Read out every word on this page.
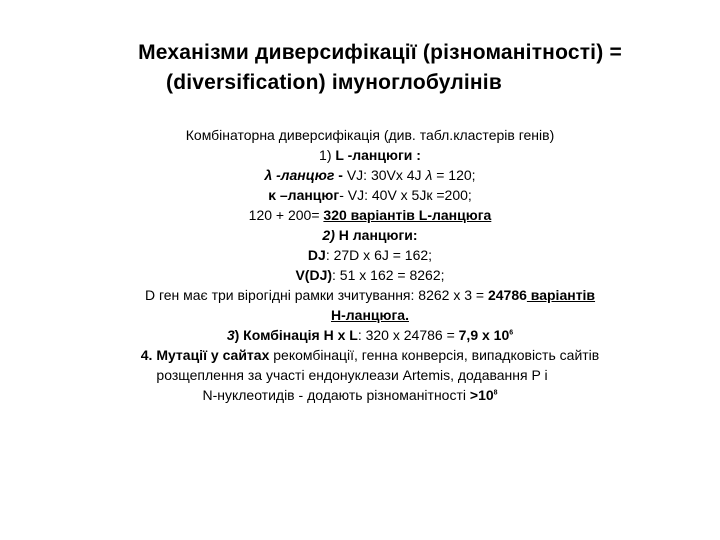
Механізми диверсифікації (різноманітності) =
(diversification) імуноглобулінів
Комбінаторна диверсифікація (див. табл.кластерів генів)
1) L -ланцюги :
λ -ланцюг - VJ: 30Vx 4J λ = 120;
κ –ланцюг- VJ: 40V x 5Jк =200;
120 + 200= 320 варіантів L-ланцюга
2) H ланцюги:
DJ: 27D x 6J = 162;
V(DJ): 51 x 162 = 8262;
D ген має три вірогідні рамки зчитування: 8262 х 3 = 24786 варіантів
Н-ланцюга.
3) Комбінація Н х L: 320 x 24786 = 7,9 x $10^6$
4. Мутації у сайтах рекомбінації, генна конверсія, випадковість сайтів
розщеплення за участі ендонуклеази Artemis, додавання P і
N-нуклеотидів - додають різноманітності $>10^8$
